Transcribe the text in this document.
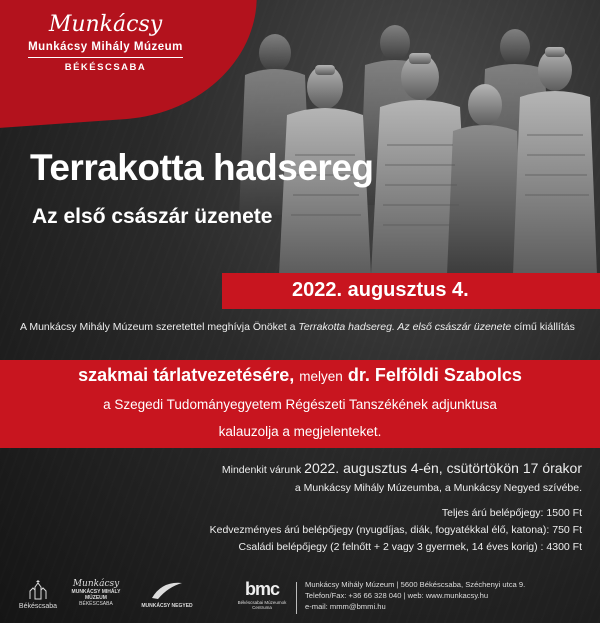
Munkácsy
Munkácsy Mihály Múzeum
BÉKÉSCSABA
Terrakotta hadsereg
Az első császár üzenete
2022. augusztus 4.
A Munkácsy Mihály Múzeum szeretettel meghívja Önöket a Terrakotta hadsereg. Az első császár üzenete című kiállítás
szakmai tárlatvezetésére, melyen dr. Felföldi Szabolcs
a Szegedi Tudományegyetem Régészeti Tanszékének adjunktusa
kalauzolja a megjelenteket.
Mindenkit várunk 2022. augusztus 4-én, csütörtökön 17 órakor
a Munkácsy Mihály Múzeumba, a Munkácsy Negyed szívébe.
Teljes árú belépőjegy: 1500 Ft
Kedvezményes árú belépőjegy (nyugdíjas, diák, fogyatékkal élő, katona): 750 Ft
Családi belépőjegy (2 felnőtt + 2 vagy 3 gyermek, 14 éves korig) : 4300 Ft
Békéscsaba
Munkácsy
MUNKÁCSY MIHÁLY MÚZEUM
BÉKÉSCSABA	MUNKÁCSY NEGYED
bmc
Békéscsabai Múzeumok Centruma
Munkácsy Mihály Múzeum | 5600 Békéscsaba, Széchenyi utca 9.
Telefon/Fax: +36 66 328 040 | web: www.munkacsy.hu
e-mail: mmm@bmmi.hu
